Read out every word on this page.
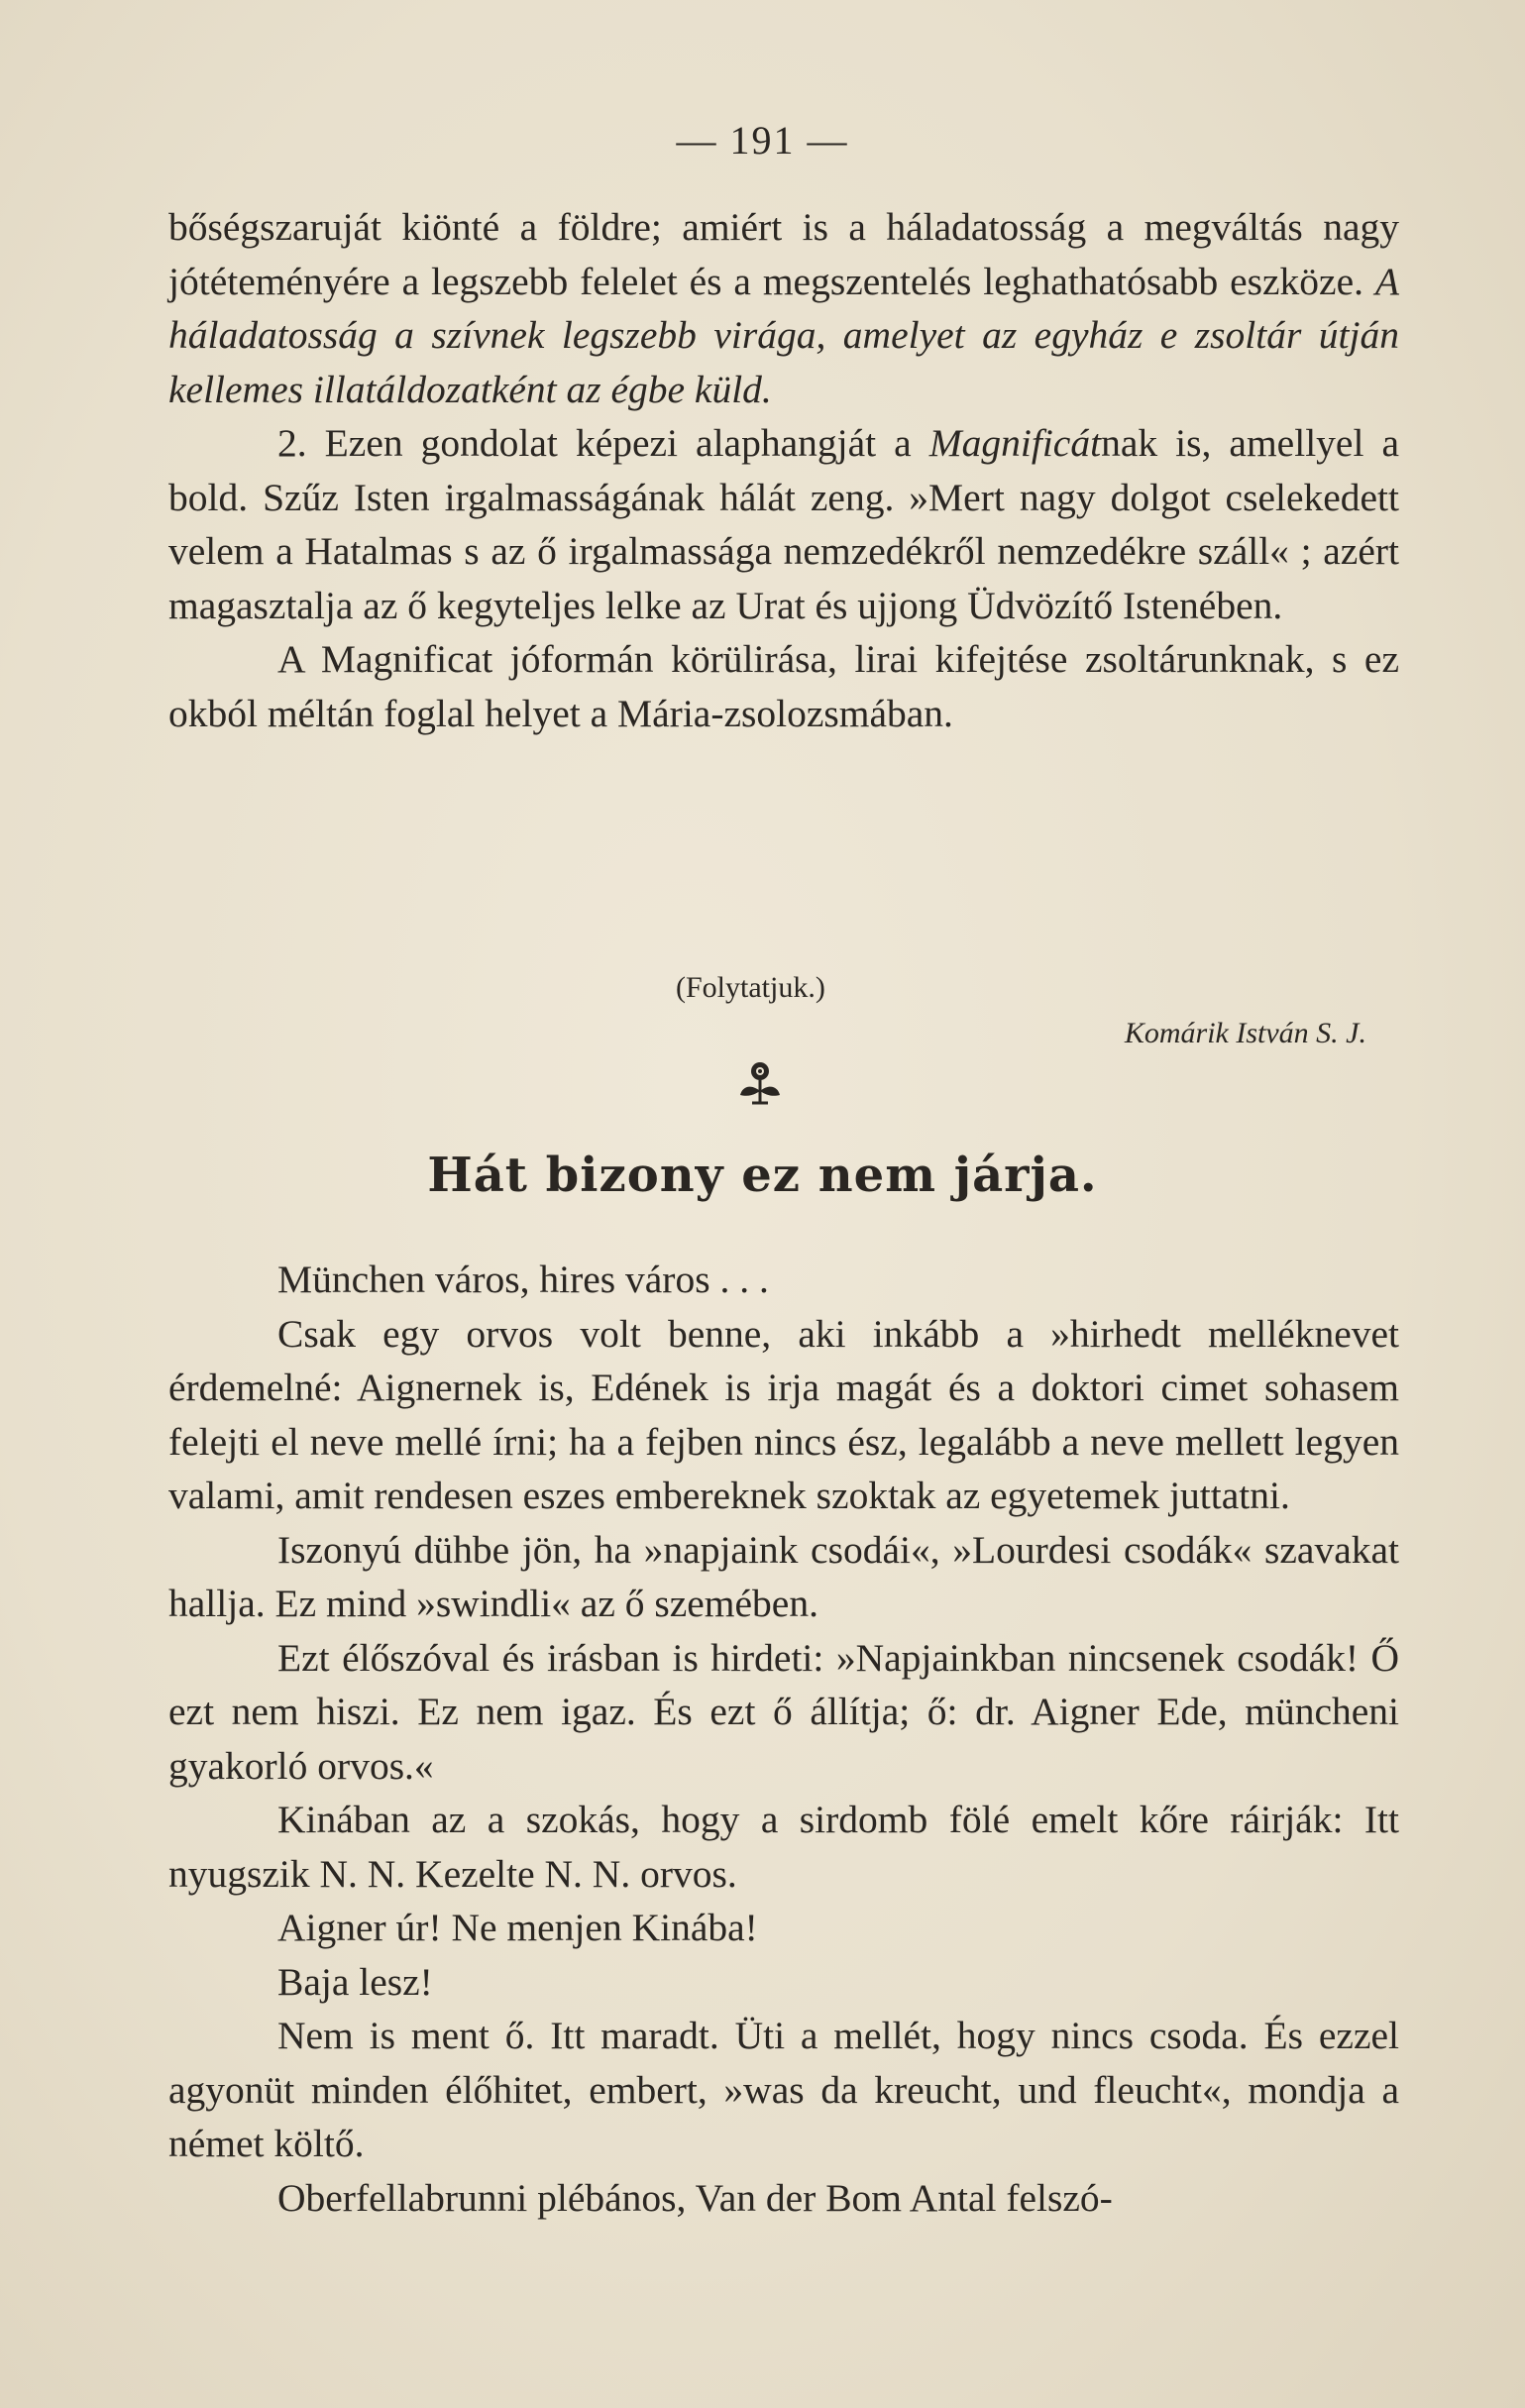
— 191 —

bőségszaruját kiönté a földre; amiért is a háladatosság a megváltás nagy jótéteményére a legszebb felelet és a megszentelés leghathatósabb eszköze. A háladatosság a szívnek legszebb virága, amelyet az egyház e zsoltár útján kellemes illatáldozatként az égbe küld.

2. Ezen gondolat képezi alaphangját a Magnificátnak is, amellyel a bold. Szűz Isten irgalmasságának hálát zeng. »Mert nagy dolgot cselekedett velem a Hatalmas s az ő irgalmassága nemzedékről nemzedékre száll« ; azért magasztalja az ő kegyteljes lelke az Urat és ujjong Üdvözítő Istenében.

A Magnificat jóformán körülirása, lirai kifejtése zsoltárunknak, s ez okból méltán foglal helyet a Mária-zsolozsmában.

(Folytatjuk.)
Komárik István S. J.
Hát bizony ez nem járja.

München város, hires város . . .

Csak egy orvos volt benne, aki inkább a »hirhedt melléknevet érdemelné: Aignernek is, Edének is irja magát és a doktori cimet sohasem felejti el neve mellé írni; ha a fejben nincs ész, legalább a neve mellett legyen valami, amit rendesen eszes embereknek szoktak az egyetemek juttatni.

Iszonyú dühbe jön, ha »napjaink csodái«, »Lourdesi csodák« szavakat hallja. Ez mind »swindli« az ő szemében.

Ezt élőszóval és irásban is hirdeti: »Napjainkban nincsenek csodák! Ő ezt nem hiszi. Ez nem igaz. És ezt ő állítja; ő: dr. Aigner Ede, müncheni gyakorló orvos.«

Kinában az a szokás, hogy a sirdomb fölé emelt kőre ráirják: Itt nyugszik N. N. Kezelte N. N. orvos.

Aigner úr! Ne menjen Kinába!

Baja lesz!

Nem is ment ő. Itt maradt. Üti a mellét, hogy nincs csoda. És ezzel agyonüt minden élőhitet, embert, »was da kreucht, und fleucht«, mondja a német költő.

Oberfellabrunni plébános, Van der Bom Antal felszó-
